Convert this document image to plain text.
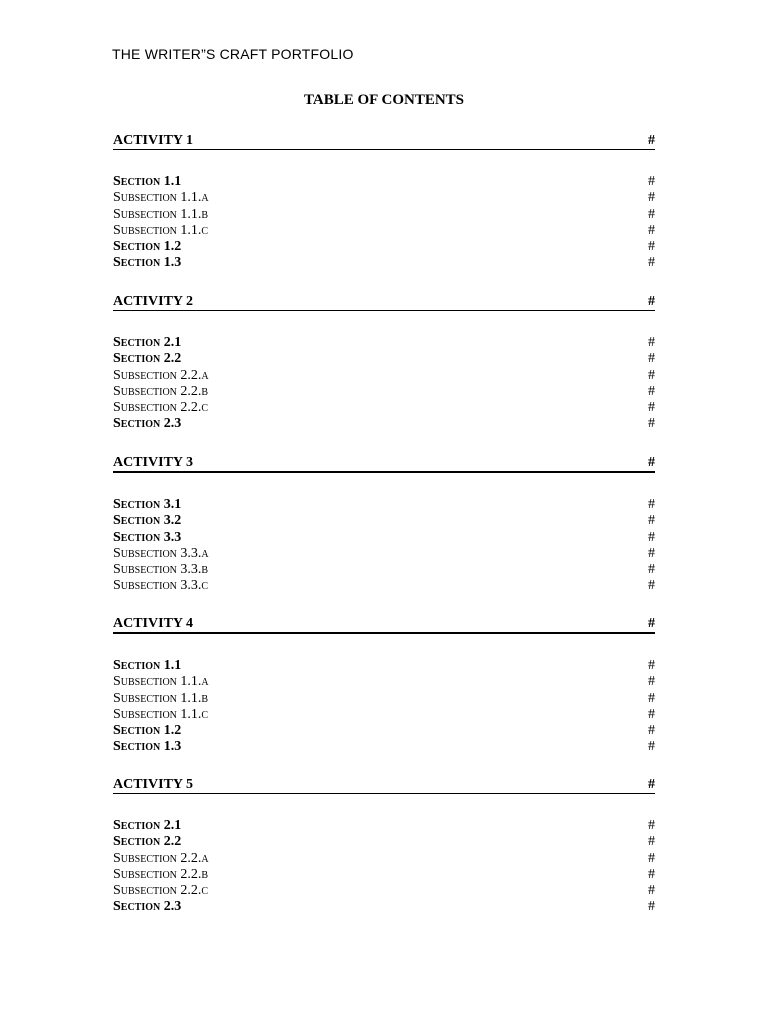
THE WRITER”S CRAFT PORTFOLIO
TABLE OF CONTENTS
ACTIVITY 1	#
Section 1.1	#
Subsection 1.1.a	#
Subsection 1.1.b	#
Subsection 1.1.c	#
Section 1.2	#
Section 1.3	#
ACTIVITY 2	#
Section 2.1	#
Section 2.2	#
Subsection 2.2.a	#
Subsection 2.2.b	#
Subsection 2.2.c	#
Section 2.3	#
ACTIVITY 3	#
Section 3.1	#
Section 3.2	#
Section 3.3	#
Subsection 3.3.a	#
Subsection 3.3.b	#
Subsection 3.3.c	#
ACTIVITY 4	#
Section 1.1	#
Subsection 1.1.a	#
Subsection 1.1.b	#
Subsection 1.1.c	#
Section 1.2	#
Section 1.3	#
ACTIVITY 5	#
Section 2.1	#
Section 2.2	#
Subsection 2.2.a	#
Subsection 2.2.b	#
Subsection 2.2.c	#
Section 2.3	#
